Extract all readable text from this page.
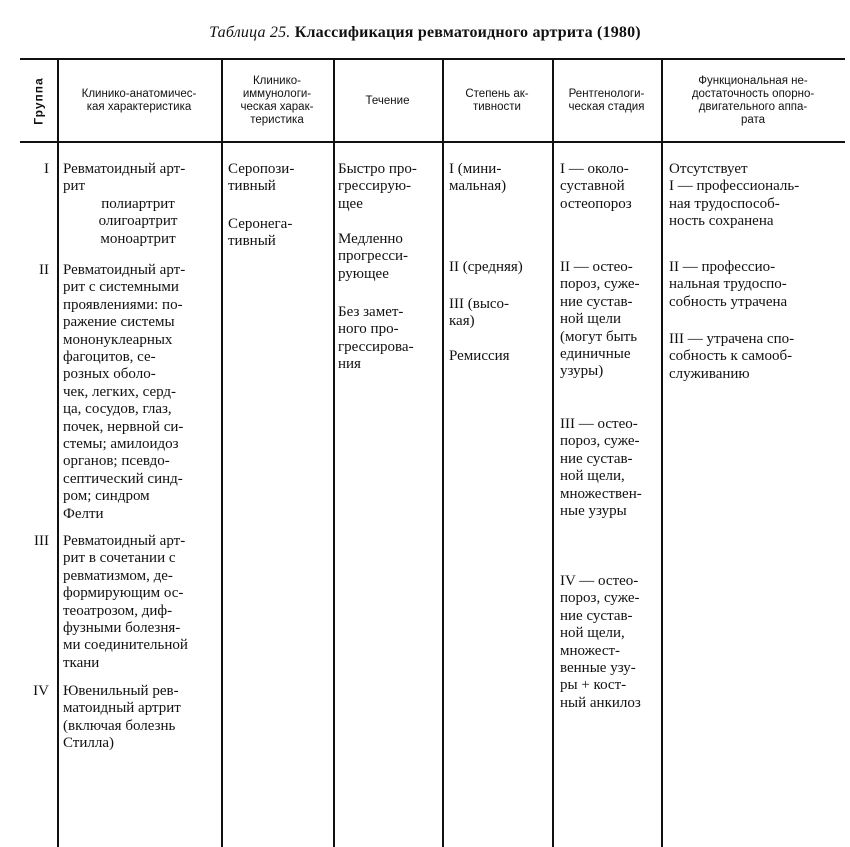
Таблица 25. Классификация ревматоидного артрита (1980)
Группа	Клинико-анатомичес-
кая характеристика
Клинико-
иммунологи-
ческая харак-
теристика
Течение
Степень ак-
тивности
Рентгенологи-
ческая стадия
Функциональная не-
достаточность опорно-
двигательного аппа-
рата
I
II
III
IV
Ревматоидный арт-
рит
полиартрит
олигоартрит
моноартрит
Ревматоидный арт-
рит с системными
проявлениями: по-
ражение системы
мононуклеарных
фагоцитов, се-
розных оболо-
чек, легких, серд-
ца, сосудов, глаз,
почек, нервной си-
стемы; амилоидоз
органов; псевдо-
септический синд-
ром; синдром
Фелти
Ревматоидный арт-
рит в сочетании с
ревматизмом, де-
формирующим ос-
теоатрозом, диф-
фузными болезня-
ми соединительной
ткани
Ювенильный рев-
матоидный артрит
(включая болезнь
Стилла)
Серопози-
тивный
Серонега-
тивный
Быстро про-
грессирую-
щее
Медленно
прогресси-
рующее
Без замет-
ного про-
грессирова-
ния
I (мини-
мальная)
II (средняя)
III (высо-
кая)
Ремиссия
I — около-
суставной
остеопороз
II — остео-
пороз, суже-
ние сустав-
ной щели
(могут быть
единичные
узуры)
III — остео-
пороз, суже-
ние сустав-
ной щели,
множествен-
ные узуры
IV — остео-
пороз, суже-
ние сустав-
ной щели,
множест-
венные узу-
ры + кост-
ный анкилоз
Отсутствует
I — профессиональ-
ная трудоспособ-
ность сохранена
II — профессио-
нальная трудоспо-
собность утрачена
III — утрачена спо-
собность к самооб-
служиванию
